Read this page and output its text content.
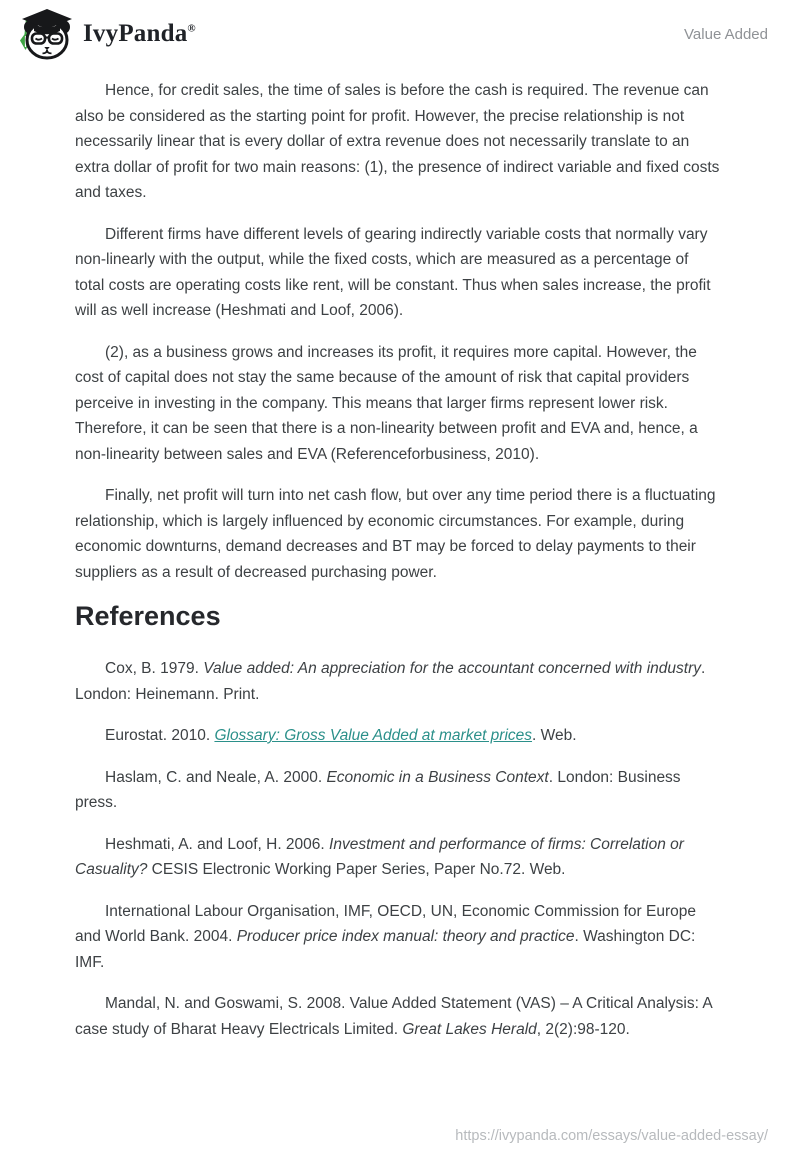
IvyPanda®	Value Added

Hence, for credit sales, the time of sales is before the cash is required. The revenue can also be considered as the starting point for profit. However, the precise relationship is not necessarily linear that is every dollar of extra revenue does not necessarily translate to an extra dollar of profit for two main reasons: (1), the presence of indirect variable and fixed costs and taxes.

Different firms have different levels of gearing indirectly variable costs that normally vary non-linearly with the output, while the fixed costs, which are measured as a percentage of total costs are operating costs like rent, will be constant. Thus when sales increase, the profit will as well increase (Heshmati and Loof, 2006).

(2), as a business grows and increases its profit, it requires more capital. However, the cost of capital does not stay the same because of the amount of risk that capital providers perceive in investing in the company. This means that larger firms represent lower risk. Therefore, it can be seen that there is a non-linearity between profit and EVA and, hence, a non-linearity between sales and EVA (Referenceforbusiness, 2010).

Finally, net profit will turn into net cash flow, but over any time period there is a fluctuating relationship, which is largely influenced by economic circumstances. For example, during economic downturns, demand decreases and BT may be forced to delay payments to their suppliers as a result of decreased purchasing power.

References

Cox, B. 1979. Value added: An appreciation for the accountant concerned with industry. London: Heinemann. Print.

Eurostat. 2010. Glossary: Gross Value Added at market prices. Web.

Haslam, C. and Neale, A. 2000. Economic in a Business Context. London: Business press.

Heshmati, A. and Loof, H. 2006. Investment and performance of firms: Correlation or Casuality? CESIS Electronic Working Paper Series, Paper No.72. Web.

International Labour Organisation, IMF, OECD, UN, Economic Commission for Europe and World Bank. 2004. Producer price index manual: theory and practice. Washington DC: IMF.

Mandal, N. and Goswami, S. 2008. Value Added Statement (VAS) – A Critical Analysis: A case study of Bharat Heavy Electricals Limited. Great Lakes Herald, 2(2):98-120.

https://ivypanda.com/essays/value-added-essay/
